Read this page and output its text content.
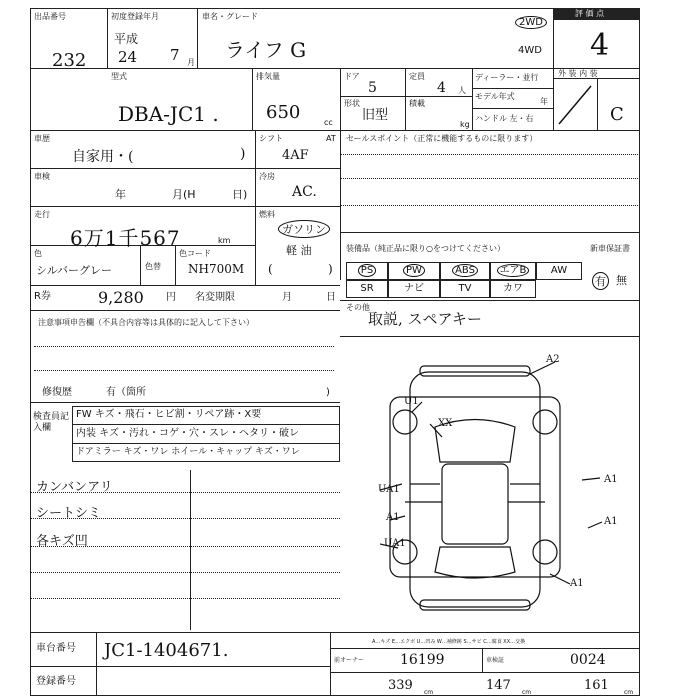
出品番号
232
初度登録年月
平成
24 7 月
車名・グレード
ライフ G
2WD
4WD
評 価 点
4
型式
DBA-JC1 .
排気量
650	cc
ドア
5
定員
4 人
形状
旧型
積載
kg
ディーラー・並行
モデル年式
年
ハンドル 左・右
外 装 内 装
C
車歴
自家用・(	)
シフト	AT
4AF
セールスポイント（正常に機能するものに限ります）
車検
年	月(H	日)
冷房
AC.
走行
6万1千567	km
燃料
ガソリン
軽 油
(	)
色
シルバーグレー	色替
色コード
NH700M
装備品（純正品に限り○をつけてください）	新車保証書
PS	PW	ABS	エアB	AW
SR	ナビ	TV	カワ
有 無
その他
取説, スペアキー
R券	9,280 円 名変期限	月	日
注意事項申告欄（不具合内容等は具体的に記入して下さい）
修復歴	有（箇所	)
検査員記入欄
FW キズ・飛石・ヒビ割・リペア跡・X要
内装 キズ・汚れ・コゲ・穴・スレ・ヘタリ・破レ
ドアミラー キズ・ワレ ホイール・キャップ キズ・ワレ
カンバンアリ
シートシミ
各キズ凹
A2
U1
XX
A1
UA1
A1
UA1
A1
A1
車台番号 JC1-1404671.
登録番号
A…キズ E…エクボ U…凹み W…補修跡 S…サビ C…腐食 XX…交換
前オーナー	16199	車検証	0024
339 cm	147 cm	161	cm
